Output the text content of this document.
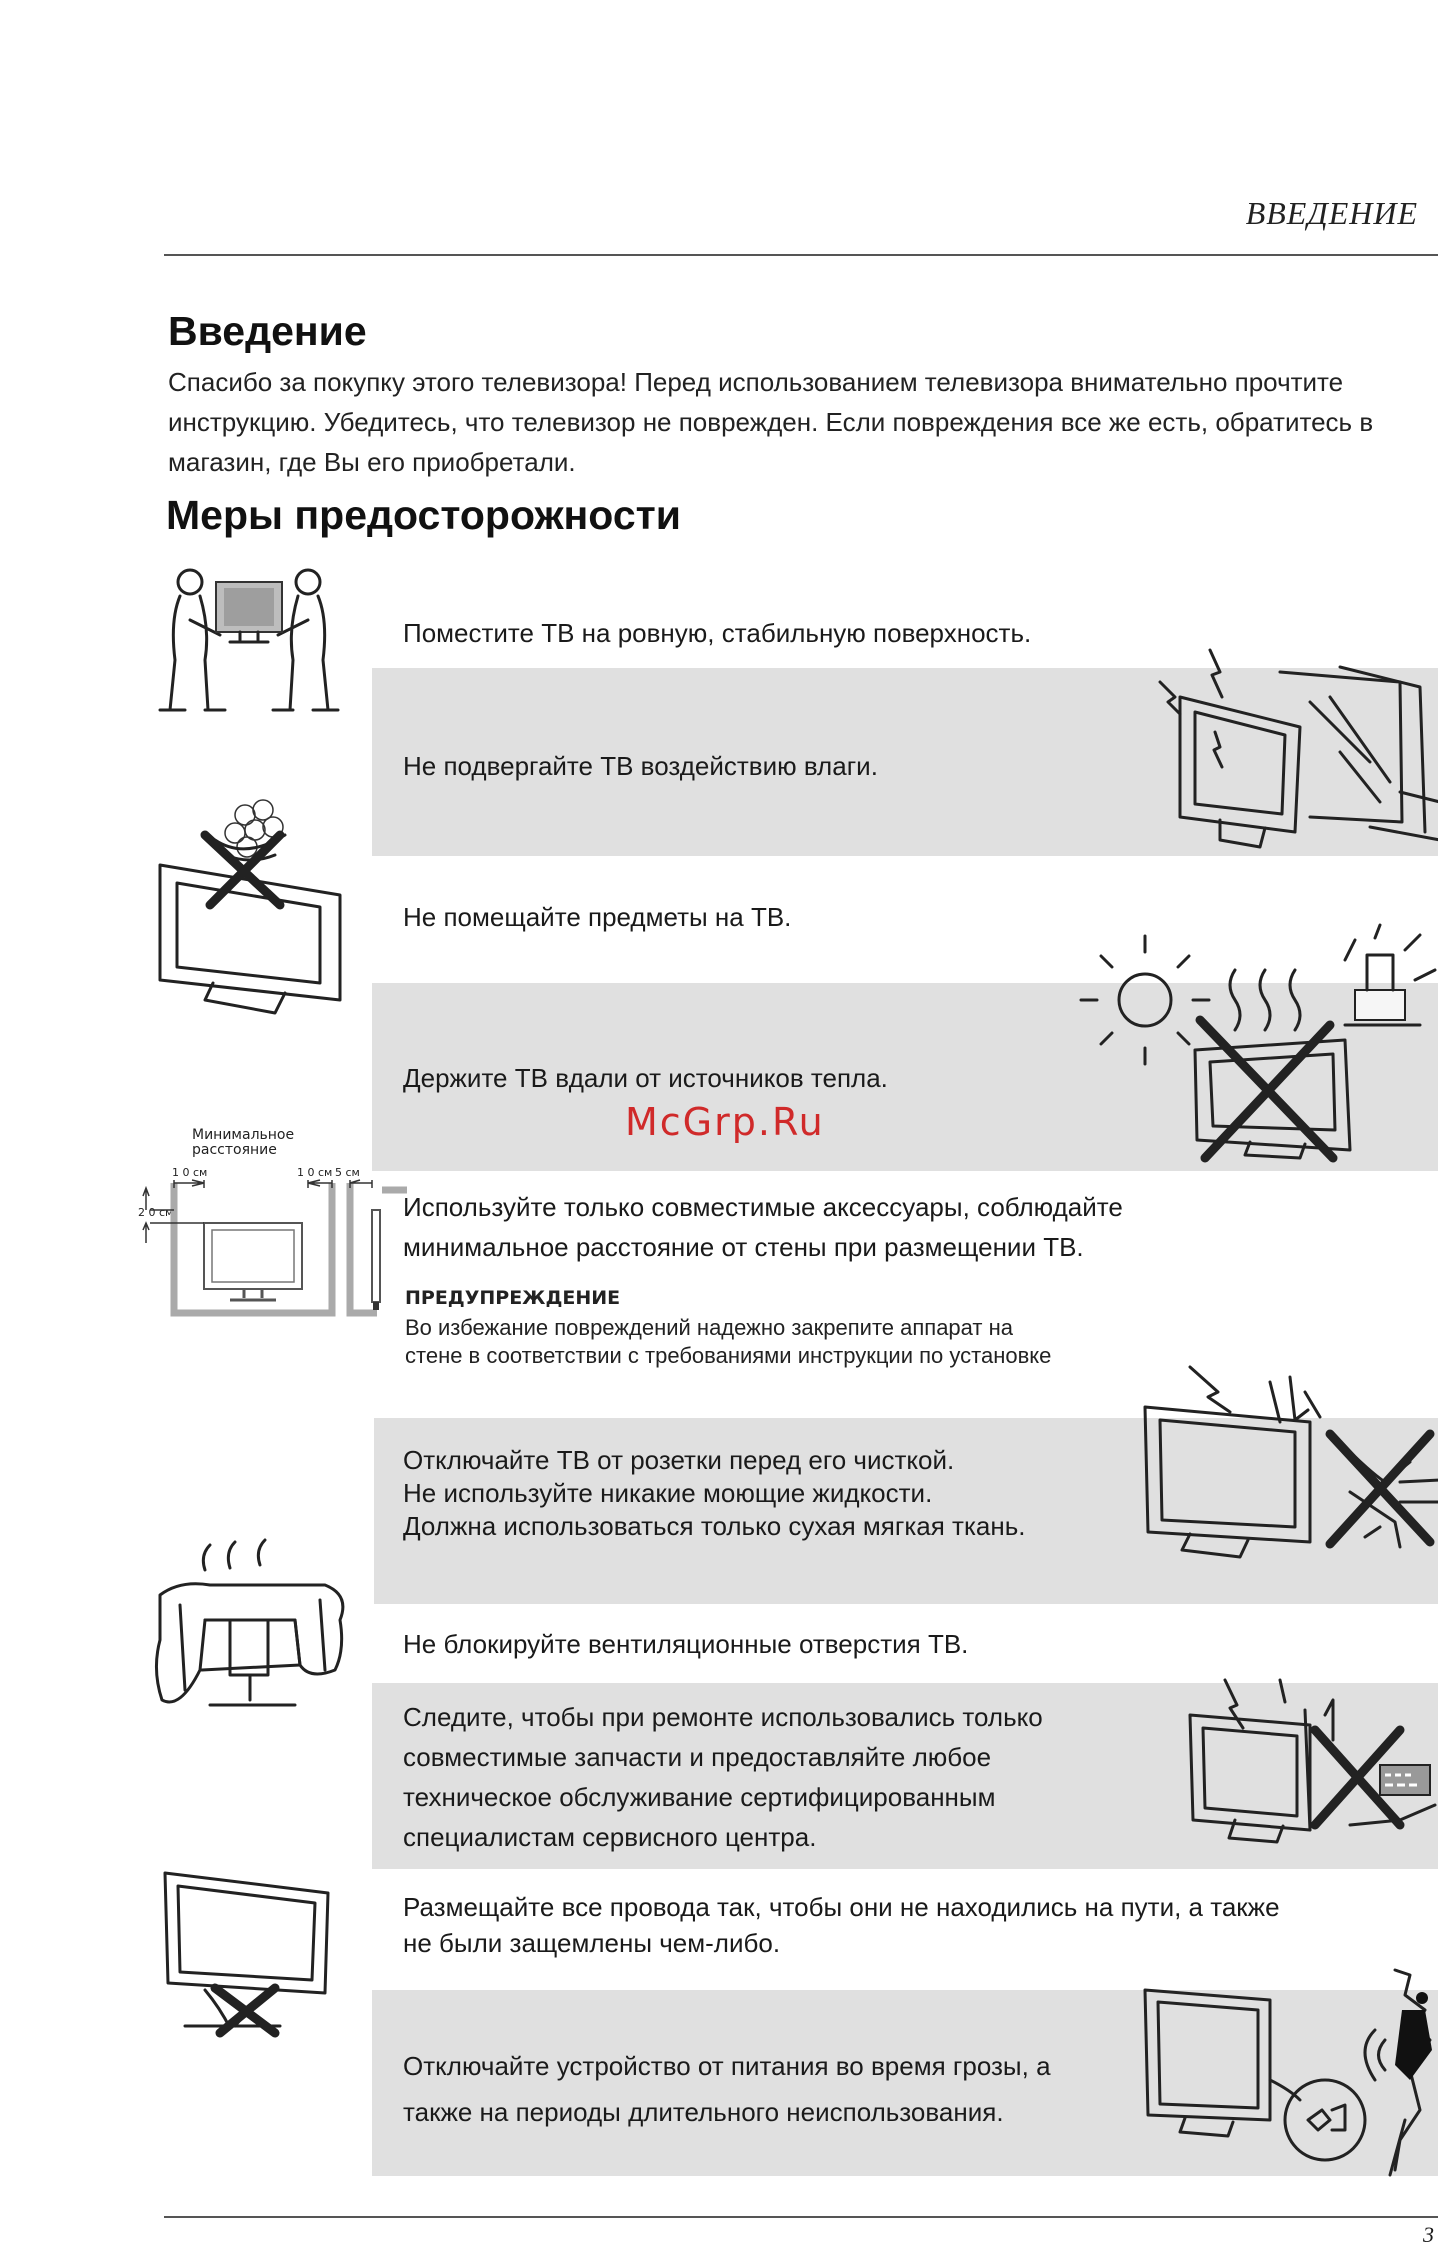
ВВЕДЕНИЕ
Введение
Спасибо за покупку этого телевизора! Перед использованием телевизора внимательно прочтите инструкцию. Убедитесь, что телевизор не поврежден. Если повреждения все же есть, обратитесь в магазин, где Вы его приобретали.
Меры предосторожности
Поместите ТВ на ровную, стабильную поверхность.
Не подвергайте ТВ воздействию влаги.
Не помещайте предметы на ТВ.
Держите ТВ вдали от источников тепла.
Используйте только совместимые аксессуары, соблюдайте
минимальное расстояние от стены при размещении ТВ.
ПРЕДУПРЕЖДЕНИЕ
Во избежание повреждений надежно закрепите аппарат на
стене в соответствии с требованиями инструкции по установке
Отключайте ТВ от розетки перед его чисткой.
Не используйте никакие моющие жидкости.
Должна использоваться только сухая мягкая ткань.
Не блокируйте вентиляционные отверстия ТВ.
Следите, чтобы при ремонте использовались только
совместимые запчасти и предоставляйте любое
техническое обслуживание сертифицированным
специалистам сервисного центра.
Размещайте все провода так, чтобы они не находились на пути, а также
не были защемлены чем-либо.
Отключайте устройство от питания во время грозы, а
также на периоды длительного неиспользования.
McGrp.Ru
Минимальное
расстояние
1 0 см	1 0 см 5 см
2 0 см
3
